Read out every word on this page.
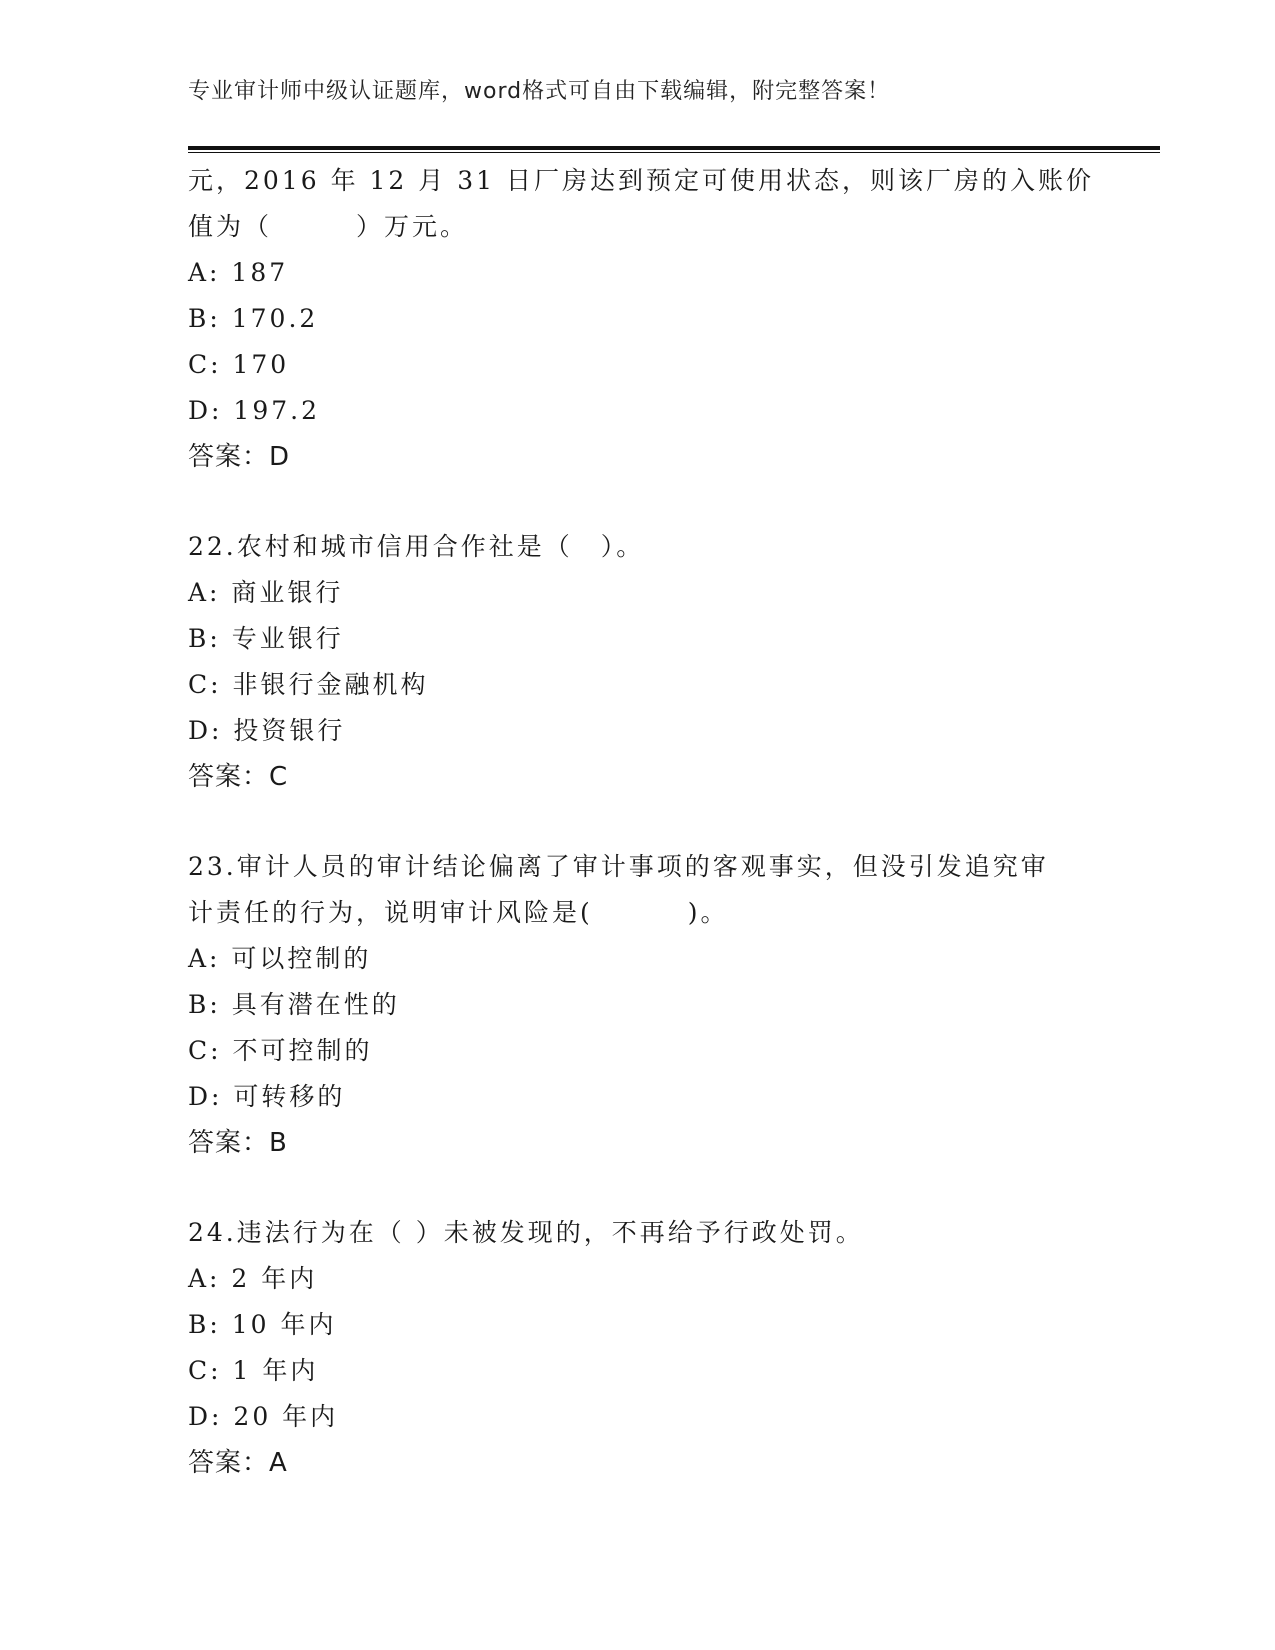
专业审计师中级认证题库，word格式可自由下载编辑，附完整答案！
元，2016 年 12 月 31 日厂房达到预定可使用状态，则该厂房的入账价
值为（　　　）万元。
A: 187
B: 170.2
C: 170
D: 197.2
答案：D
22.农村和城市信用合作社是（　）。
A: 商业银行
B: 专业银行
C: 非银行金融机构
D: 投资银行
答案：C
23.审计人员的审计结论偏离了审计事项的客观事实，但没引发追究审
计责任的行为，说明审计风险是(　　　 )。
A: 可以控制的
B: 具有潜在性的
C: 不可控制的
D: 可转移的
答案：B
24.违法行为在（ ）未被发现的，不再给予行政处罚。
A: 2 年内
B: 10 年内
C: 1 年内
D: 20 年内
答案：A
